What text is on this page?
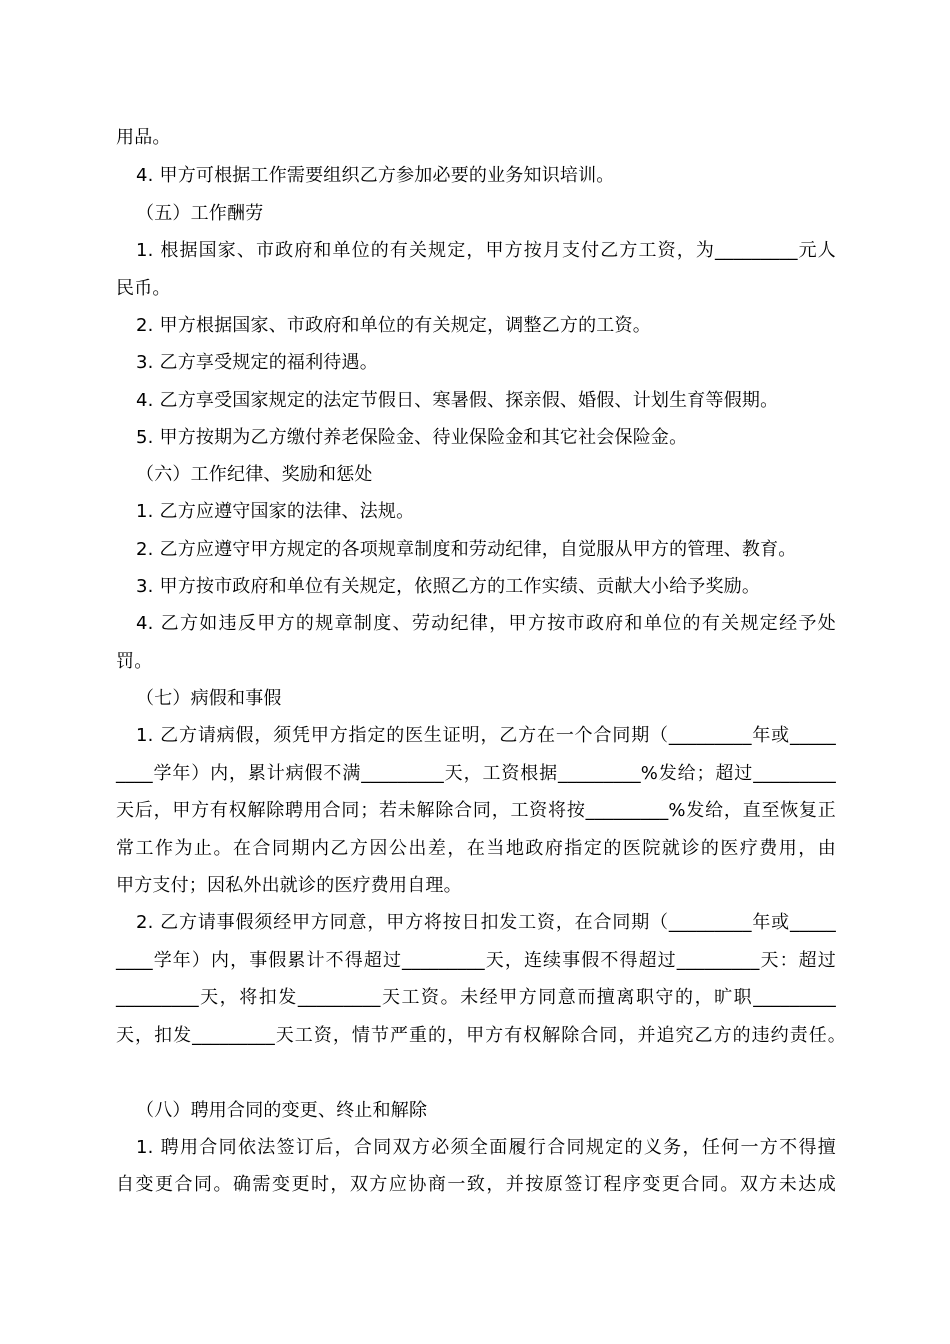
用品。
4. 甲方可根据工作需要组织乙方参加必要的业务知识培训。
（五）工作酬劳
1. 根据国家、市政府和单位的有关规定，甲方按月支付乙方工资，为_________元人
民币。
2. 甲方根据国家、市政府和单位的有关规定，调整乙方的工资。
3. 乙方享受规定的福利待遇。
4. 乙方享受国家规定的法定节假日、寒暑假、探亲假、婚假、计划生育等假期。
5. 甲方按期为乙方缴付养老保险金、待业保险金和其它社会保险金。
（六）工作纪律、奖励和惩处
1. 乙方应遵守国家的法律、法规。
2. 乙方应遵守甲方规定的各项规章制度和劳动纪律，自觉服从甲方的管理、教育。
3. 甲方按市政府和单位有关规定，依照乙方的工作实绩、贡献大小给予奖励。
4. 乙方如违反甲方的规章制度、劳动纪律，甲方按市政府和单位的有关规定经予处
罚。
（七）病假和事假
1. 乙方请病假，须凭甲方指定的医生证明，乙方在一个合同期（_________年或_____
____学年）内，累计病假不满_________天，工资根据_________%发给；超过_________
天后，甲方有权解除聘用合同；若未解除合同，工资将按_________%发给，直至恢复正
常工作为止。在合同期内乙方因公出差，在当地政府指定的医院就诊的医疗费用，由
甲方支付；因私外出就诊的医疗费用自理。
2. 乙方请事假须经甲方同意，甲方将按日扣发工资，在合同期（_________年或_____
____学年）内，事假累计不得超过_________天，连续事假不得超过_________天：超过
_________天，将扣发_________天工资。未经甲方同意而擅离职守的，旷职_________
天，扣发_________天工资，情节严重的，甲方有权解除合同，并追究乙方的违约责任。
（八）聘用合同的变更、终止和解除
1. 聘用合同依法签订后，合同双方必须全面履行合同规定的义务，任何一方不得擅
自变更合同。确需变更时，双方应协商一致，并按原签订程序变更合同。双方未达成
